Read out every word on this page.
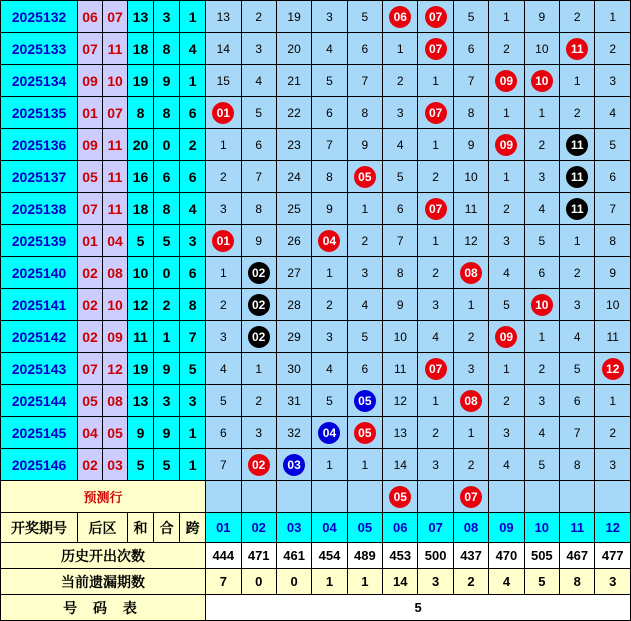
2025132	06	07	13	3	1	13	2	19	3	5	06	07	5	1	9	2	1
2025133	07	11	18	8	4	14	3	20	4	6	1	07	6	2	10	11	2
2025134	09	10	19	9	1	15	4	21	5	7	2	1	7	09	10	1	3
2025135	01	07	8	8	6	01	5	22	6	8	3	07	8	1	1	2	4
2025136	09	11	20	0	2	1	6	23	7	9	4	1	9	09	2	11	5
2025137	05	11	16	6	6	2	7	24	8	05	5	2	10	1	3	11	6
2025138	07	11	18	8	4	3	8	25	9	1	6	07	11	2	4	11	7
2025139	01	04	5	5	3	01	9	26	04	2	7	1	12	3	5	1	8
2025140	02	08	10	0	6	1	02	27	1	3	8	2	08	4	6	2	9
2025141	02	10	12	2	8	2	02	28	2	4	9	3	1	5	10	3	10
2025142	02	09	11	1	7	3	02	29	3	5	10	4	2	09	1	4	11
2025143	07	12	19	9	5	4	1	30	4	6	11	07	3	1	2	5	12
2025144	05	08	13	3	3	5	2	31	5	05	12	1	08	2	3	6	1
2025145	04	05	9	9	1	6	3	32	04	05	13	2	1	3	4	7	2
2025146	02	03	5	5	1	7	02	03	1	1	14	3	2	4	5	8	3
预测行											05		07				
开奖期号	后区		和	合	跨	01	02	03	04	05	06	07	08	09	10	11	12
历史开出次数						444	471	461	454	489	453	500	437	470	505	467	477
当前遗漏期数						7	0	0	1	1	14	3	2	4	5	8	3
号 码 表						5											
